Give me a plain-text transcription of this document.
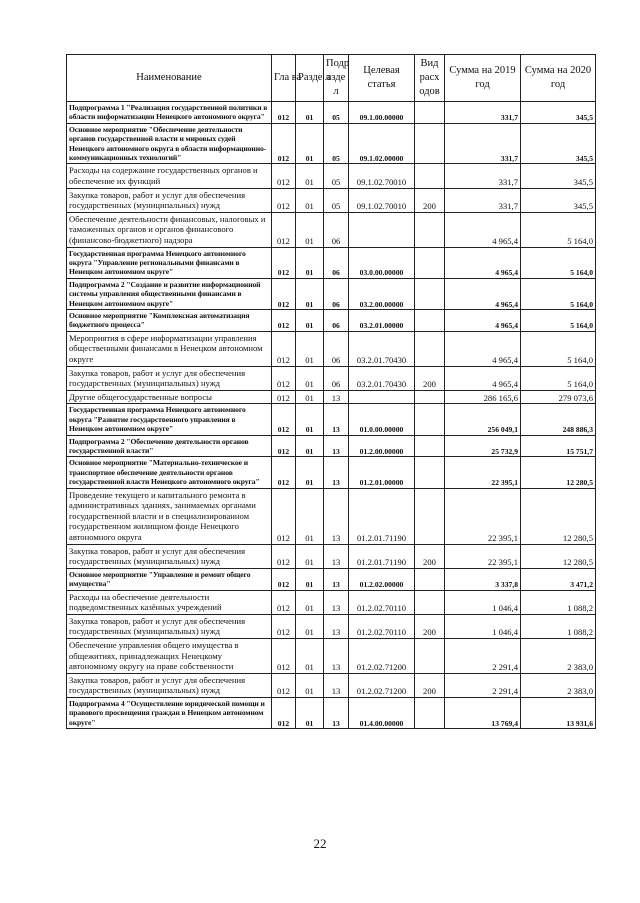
Наименование	Гла ва	Разде л	Подр азде л	Целевая статья	Вид расх одов	Сумма на 2019 год	Сумма на 2020 год
Подпрограмма 1 "Реализация государственной политики в области информатизации Ненецкого автономного округа"	012	01	05	09.1.00.00000		331,7	345,5
Основное мероприятие "Обеспечение деятельности органов государственной власти и мировых судей Ненецкого автономного округа в области информационно-коммуникационных технологий"	012	01	05	09.1.02.00000		331,7	345,5
Расходы на содержание государственных органов и обеспечение их функций	012	01	05	09.1.02.70010		331,7	345,5
Закупка товаров, работ и услуг для обеспечения государственных (муниципальных) нужд	012	01	05	09.1.02.70010	200	331,7	345,5
Обеспечение деятельности финансовых, налоговых и таможенных органов и органов финансового (финансово-бюджетного) надзора	012	01	06			4 965,4	5 164,0
Государственная программа Ненецкого автономного округа "Управление региональными финансами в Ненецком автономном округе"	012	01	06	03.0.00.00000		4 965,4	5 164,0
Подпрограмма 2 "Создание и развитие информационной системы управления общественными финансами в Ненецком автономном округе"	012	01	06	03.2.00.00000		4 965,4	5 164,0
Основное мероприятие "Комплексная автоматизация бюджетного процесса"	012	01	06	03.2.01.00000		4 965,4	5 164,0
Мероприятия в сфере информатизации управления общественными финансами в Ненецком автономном округе	012	01	06	03.2.01.70430		4 965,4	5 164,0
Закупка товаров, работ и услуг для обеспечения государственных (муниципальных) нужд	012	01	06	03.2.01.70430	200	4 965,4	5 164,0
Другие общегосударственные вопросы	012	01	13			286 165,6	279 073,6
Государственная программа Ненецкого автономного округа "Развитие государственного управления в Ненецком автономном округе"	012	01	13	01.0.00.00000		256 049,1	248 886,3
Подпрограмма 2 "Обеспечение деятельности органов государственной власти"	012	01	13	01.2.00.00000		25 732,9	15 751,7
Основное мероприятие "Материально-техническое и транспортное обеспечение деятельности органов государственной власти Ненецкого автономного округа"	012	01	13	01.2.01.00000		22 395,1	12 280,5
Проведение текущего и капитального ремонта в административных зданиях, занимаемых органами государственной власти и в специализированном государственном жилищном фонде Ненецкого автономного округа	012	01	13	01.2.01.71190		22 395,1	12 280,5
Закупка товаров, работ и услуг для обеспечения государственных (муниципальных) нужд	012	01	13	01.2.01.71190	200	22 395,1	12 280,5
Основное мероприятие "Управление и ремонт общего имущества"	012	01	13	01.2.02.00000		3 337,8	3 471,2
Расходы на обеспечение деятельности подведомственных казённых учреждений	012	01	13	01.2.02.70110		1 046,4	1 088,2
Закупка товаров, работ и услуг для обеспечения государственных (муниципальных) нужд	012	01	13	01.2.02.70110	200	1 046,4	1 088,2
Обеспечение управления общего имущества в общежитиях, принадлежащих Ненецкому автономному округу на праве собственности	012	01	13	01.2.02.71200		2 291,4	2 383,0
Закупка товаров, работ и услуг для обеспечения государственных (муниципальных) нужд	012	01	13	01.2.02.71200	200	2 291,4	2 383,0
Подпрограмма 4 "Осуществление юридической помощи и правового просвещения граждан в Ненецком автономном округе"	012	01	13	01.4.00.00000		13 769,4	13 931,6
22
